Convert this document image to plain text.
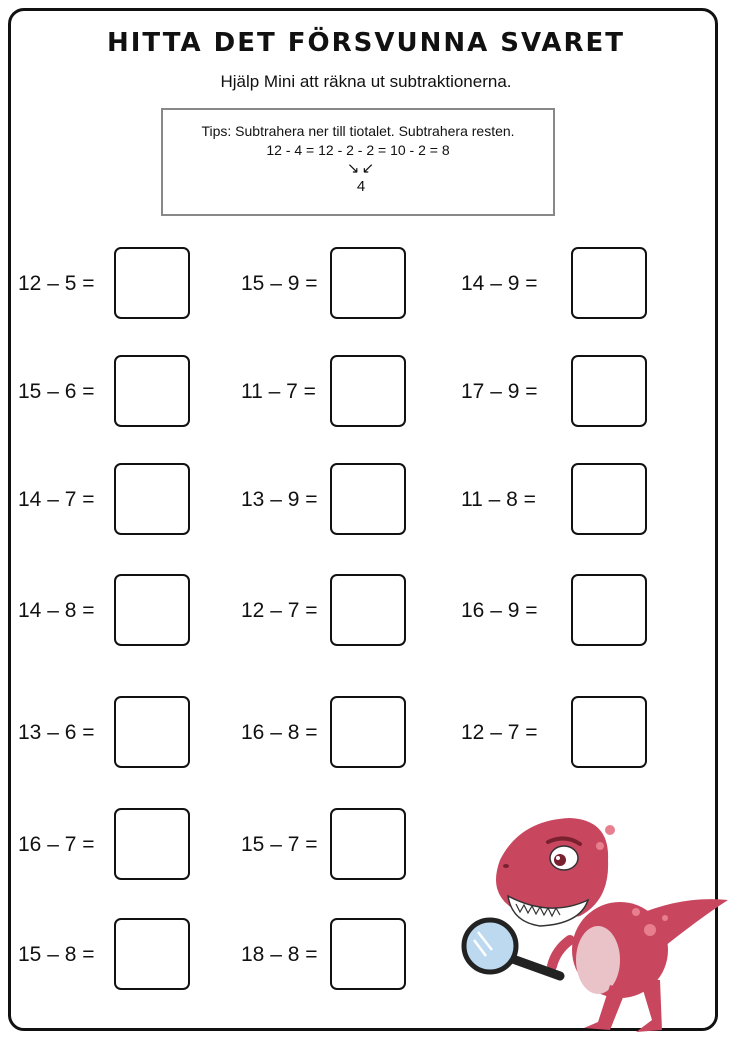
HITTA DET FÖRSVUNNA SVARET
Hjälp Mini att räkna ut subtraktionerna.
Tips: Subtrahera ner till tiotalet. Subtrahera resten.
12 - 4 = 12 - 2 - 2 = 10 - 2 = 8
↘ ↙
4
12 – 5 =	15 – 9 =	14 – 9 =
15 – 6 =	11 – 7 =	17 – 9 =
14 – 7 =	13 – 9 =	11 – 8 =
14 – 8 =	12 – 7 =	16 – 9 =
13 – 6 =	16 – 8 =	12 – 7 =
16 – 7 =	15 – 7 =
15 – 8 =	18 – 8 =
